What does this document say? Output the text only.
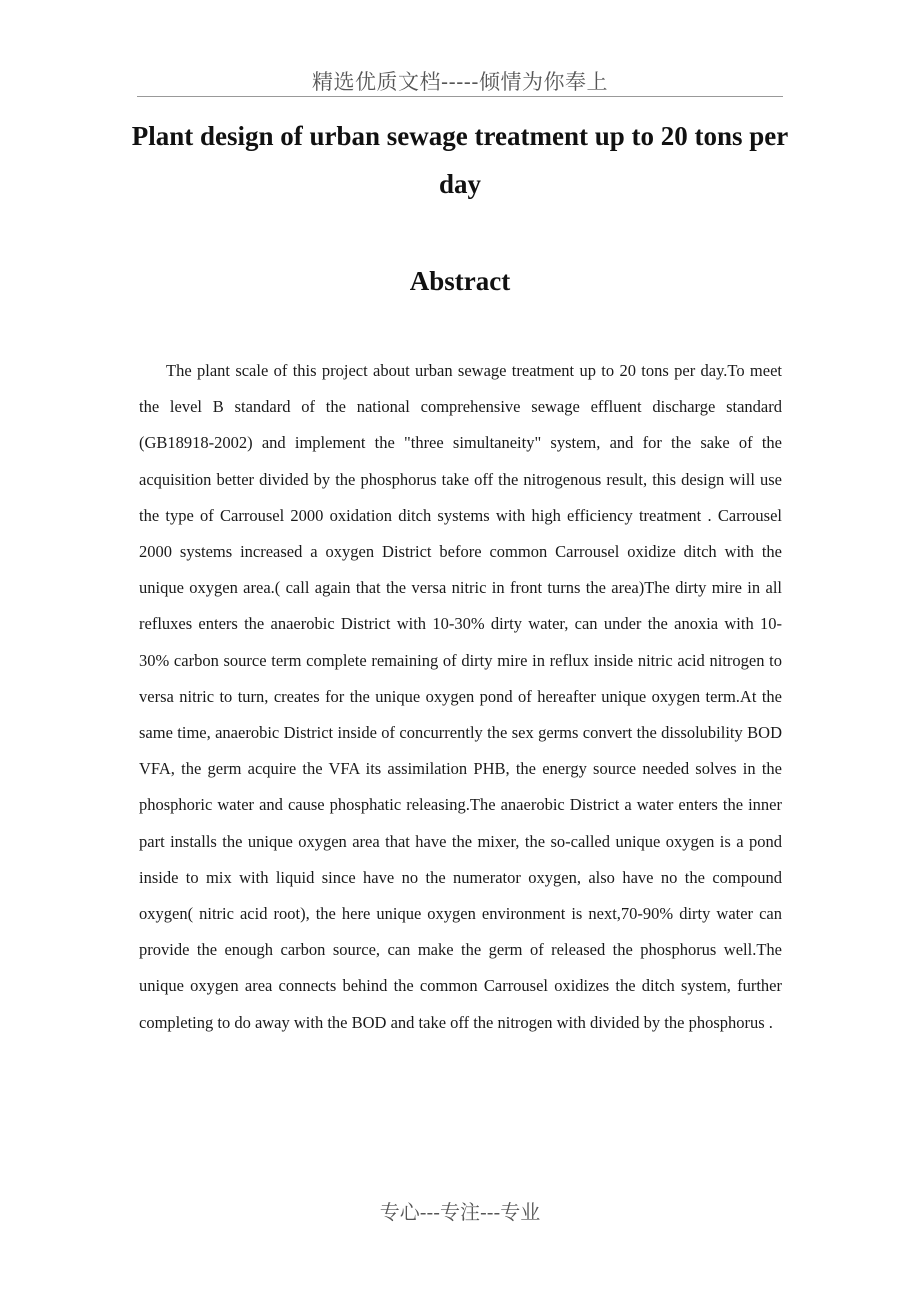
精选优质文档-----倾情为你奉上
Plant design of urban sewage treatment up to 20 tons per day
Abstract

The plant scale of this project about urban sewage treatment up to 20 tons per day.To meet the level B standard of the national comprehensive sewage effluent discharge standard (GB18918-2002) and implement the "three simultaneity" system, and for the sake of the acquisition better divided by the phosphorus take off the nitrogenous result, this design will use the type of Carrousel 2000 oxidation ditch systems with high efficiency treatment . Carrousel 2000 systems increased a oxygen District before common Carrousel oxidize ditch with the unique oxygen area.( call again that the versa nitric in front turns the area)The dirty mire in all refluxes enters the anaerobic District with 10-30% dirty water, can under the anoxia with 10-30% carbon source term complete remaining of dirty mire in reflux inside nitric acid nitrogen to versa nitric to turn, creates for the unique oxygen pond of hereafter unique oxygen term.At the same time, anaerobic District inside of concurrently the sex germs convert the dissolubility BOD VFA, the germ acquire the VFA its assimilation PHB, the energy source needed solves in the phosphoric water and cause phosphatic releasing.The anaerobic District a water enters the inner part installs the unique oxygen area that have the mixer, the so-called unique oxygen is a pond inside to mix with liquid since have no the numerator oxygen, also have no the compound oxygen( nitric acid root), the here unique oxygen environment is next,70-90% dirty water can provide the enough carbon source, can make the germ of released the phosphorus well.The unique oxygen area connects behind the common Carrousel oxidizes the ditch system, further completing to do away with the BOD and take off the nitrogen with divided by the phosphorus .

专心---专注---专业
